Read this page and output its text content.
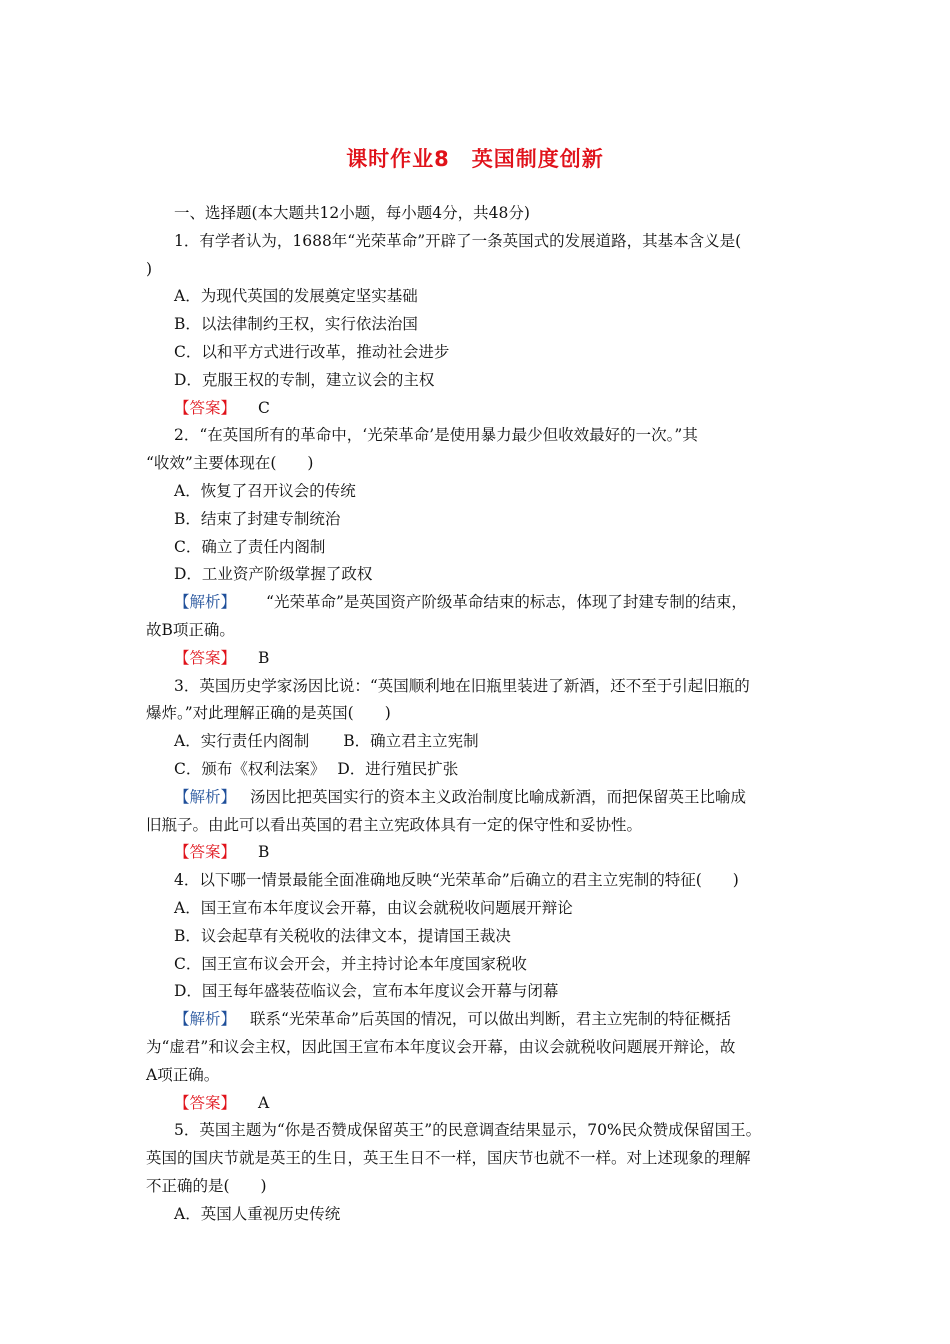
课时作业8　英国制度创新
一、选择题(本大题共12小题，每小题4分，共48分)
1．有学者认为，1688年“光荣革命”开辟了一条英国式的发展道路，其基本含义是(
)
A．为现代英国的发展奠定坚实基础
B．以法律制约王权，实行依法治国
C．以和平方式进行改革，推动社会进步
D．克服王权的专制，建立议会的主权
【答案】 C
2．“在英国所有的革命中，‘光荣革命’是使用暴力最少但收效最好的一次。”其
“收效”主要体现在(　　)
A．恢复了召开议会的传统
B．结束了封建专制统治
C．确立了责任内阁制
D．工业资产阶级掌握了政权
【解析】 “光荣革命”是英国资产阶级革命结束的标志，体现了封建专制的结束，
故B项正确。
【答案】 B
3．英国历史学家汤因比说：“英国顺利地在旧瓶里装进了新酒，还不至于引起旧瓶的
爆炸。”对此理解正确的是英国(　　)
A．实行责任内阁制 B．确立君主立宪制
C．颁布《权利法案》 D．进行殖民扩张
【解析】 汤因比把英国实行的资本主义政治制度比喻成新酒，而把保留英王比喻成
旧瓶子。由此可以看出英国的君主立宪政体具有一定的保守性和妥协性。
【答案】 B
4．以下哪一情景最能全面准确地反映“光荣革命”后确立的君主立宪制的特征(　　)
A．国王宣布本年度议会开幕，由议会就税收问题展开辩论
B．议会起草有关税收的法律文本，提请国王裁决
C．国王宣布议会开会，并主持讨论本年度国家税收
D．国王每年盛装莅临议会，宣布本年度议会开幕与闭幕
【解析】 联系“光荣革命”后英国的情况，可以做出判断，君主立宪制的特征概括
为“虚君”和议会主权，因此国王宣布本年度议会开幕，由议会就税收问题展开辩论，故
A项正确。
【答案】 A
5．英国主题为“你是否赞成保留英王”的民意调查结果显示，70%民众赞成保留国王。
英国的国庆节就是英王的生日，英王生日不一样，国庆节也就不一样。对上述现象的理解
不正确的是(　　)
A．英国人重视历史传统
